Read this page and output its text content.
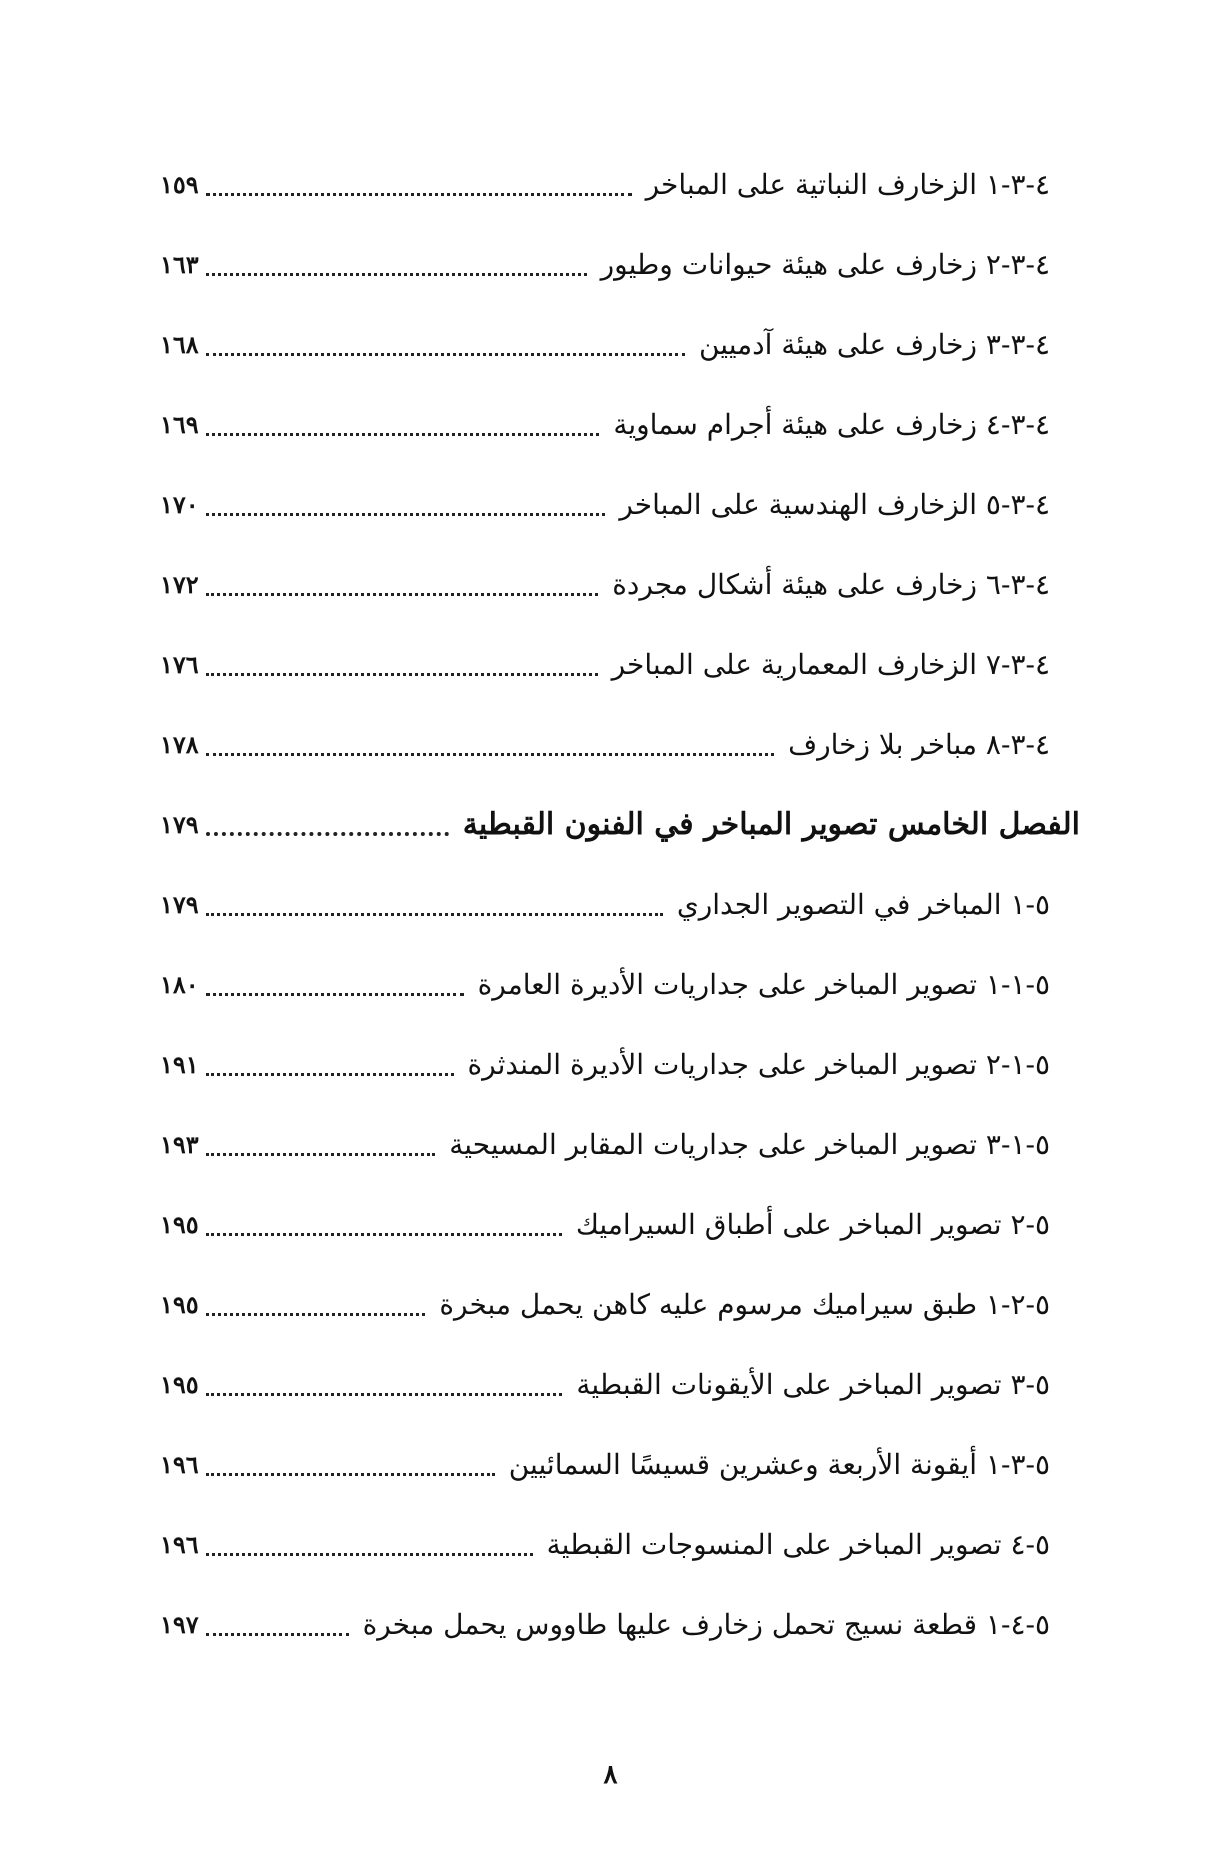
٤-٣-١ الزخارف النباتية على المباخر
١٥٩
٤-٣-٢ زخارف على هيئة حيوانات وطيور
١٦٣
٤-٣-٣ زخارف على هيئة آدميين
١٦٨
٤-٣-٤ زخارف على هيئة أجرام سماوية
١٦٩
٤-٣-٥ الزخارف الهندسية على المباخر
١٧٠
٤-٣-٦ زخارف على هيئة أشكال مجردة
١٧٢
٤-٣-٧ الزخارف المعمارية على المباخر
١٧٦
٤-٣-٨ مباخر بلا زخارف
١٧٨
الفصل الخامس تصوير المباخر في الفنون القبطية
١٧٩
٥-١ المباخر في التصوير الجداري
١٧٩
٥-١-١ تصوير المباخر على جداريات الأديرة العامرة
١٨٠
٥-١-٢ تصوير المباخر على جداريات الأديرة المندثرة
١٩١
٥-١-٣ تصوير المباخر على جداريات المقابر المسيحية
١٩٣
٥-٢ تصوير المباخر على أطباق السيراميك
١٩٥
٥-٢-١ طبق سيراميك مرسوم عليه كاهن يحمل مبخرة
١٩٥
٥-٣ تصوير المباخر على الأيقونات القبطية
١٩٥
٥-٣-١ أيقونة الأربعة وعشرين قسيسًا السمائيين
١٩٦
٥-٤ تصوير المباخر على المنسوجات القبطية
١٩٦
٥-٤-١ قطعة نسيج تحمل زخارف عليها طاووس يحمل مبخرة
١٩٧
٨
